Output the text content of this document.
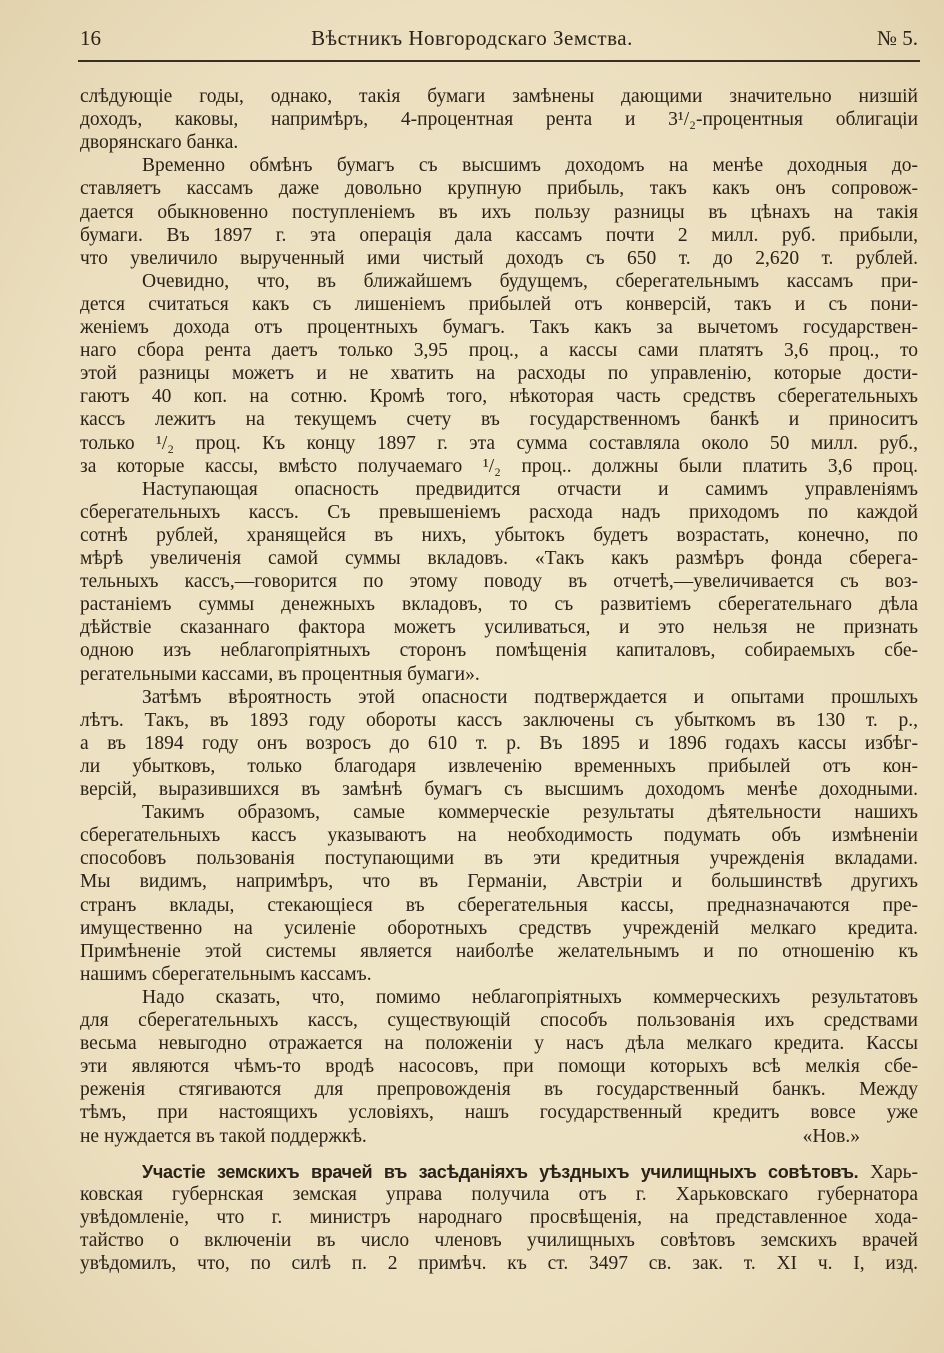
16	Вѣстникъ Новгородскаго Земства.	№ 5.
слѣдующіе годы, однако, такія бумаги замѣнены дающими значительно низшій
доходъ, каковы, напримѣръ, 4-процентная рента и 3¹/₂-процентныя облигаціи
дворянскаго банка.
Временно обмѣнъ бумагъ съ высшимъ доходомъ на менѣе доходныя до-
ставляетъ кассамъ даже довольно крупную прибыль, такъ какъ онъ сопровож-
дается обыкновенно поступленіемъ въ ихъ пользу разницы въ цѣнахъ на такія
бумаги. Въ 1897 г. эта операція дала кассамъ почти 2 милл. руб. прибыли,
что увеличило вырученный ими чистый доходъ съ 650 т. до 2,620 т. рублей.
Очевидно, что, въ ближайшемъ будущемъ, сберегательнымъ кассамъ при-
дется считаться какъ съ лишеніемъ прибылей отъ конверсій, такъ и съ пони-
женіемъ дохода отъ процентныхъ бумагъ. Такъ какъ за вычетомъ государствен-
наго сбора рента даетъ только 3,95 проц., а кассы сами платятъ 3,6 проц., то
этой разницы можетъ и не хватить на расходы по управленію, которые дости-
гаютъ 40 коп. на сотню. Кромѣ того, нѣкоторая часть средствъ сберегательныхъ
кассъ лежитъ на текущемъ счету въ государственномъ банкѣ и приноситъ
только ¹/₂ проц. Къ концу 1897 г. эта сумма составляла около 50 милл. руб.,
за которые кассы, вмѣсто получаемаго ¹/₂ проц.. должны были платить 3,6 проц.
Наступающая опасность предвидится отчасти и самимъ управленіямъ
сберегательныхъ кассъ. Съ превышеніемъ расхода надъ приходомъ по каждой
сотнѣ рублей, хранящейся въ нихъ, убытокъ будетъ возрастать, конечно, по
мѣрѣ увеличенія самой суммы вкладовъ. «Такъ какъ размѣръ фонда сберега-
тельныхъ кассъ,—говорится по этому поводу въ отчетѣ,—увеличивается съ воз-
растаніемъ суммы денежныхъ вкладовъ, то съ развитіемъ сберегательнаго дѣла
дѣйствіе сказаннаго фактора можетъ усиливаться, и это нельзя не признать
одною изъ неблагопріятныхъ сторонъ помѣщенія капиталовъ, собираемыхъ сбе-
регательными кассами, въ процентныя бумаги».
Затѣмъ вѣроятность этой опасности подтверждается и опытами прошлыхъ
лѣтъ. Такъ, въ 1893 году обороты кассъ заключены съ убыткомъ въ 130 т. р.,
а въ 1894 году онъ возросъ до 610 т. р. Въ 1895 и 1896 годахъ кассы избѣг-
ли убытковъ, только благодаря извлеченію временныхъ прибылей отъ кон-
версій, выразившихся въ замѣнѣ бумагъ съ высшимъ доходомъ менѣе доходными.
Такимъ образомъ, самые коммерческіе результаты дѣятельности нашихъ
сберегательныхъ кассъ указываютъ на необходимость подумать объ измѣненіи
способовъ пользованія поступающими въ эти кредитныя учрежденія вкладами.
Мы видимъ, напримѣръ, что въ Германіи, Австріи и большинствѣ другихъ
странъ вклады, стекающіеся въ сберегательныя кассы, предназначаются пре-
имущественно на усиленіе оборотныхъ средствъ учрежденій мелкаго кредита.
Примѣненіе этой системы является наиболѣе желательнымъ и по отношенію къ
нашимъ сберегательнымъ кассамъ.
Надо сказать, что, помимо неблагопріятныхъ коммерческихъ результатовъ
для сберегательныхъ кассъ, существующій способъ пользованія ихъ средствами
весьма невыгодно отражается на положеніи у насъ дѣла мелкаго кредита. Кассы
эти являются чѣмъ-то вродѣ насосовъ, при помощи которыхъ всѣ мелкія сбе-
реженія стягиваются для препровожденія въ государственный банкъ. Между
тѣмъ, при настоящихъ условіяхъ, нашъ государственный кредитъ вовсе уже
не нуждается въ такой поддержкѣ.	«Нов.»
Участіе земскихъ врачей въ засѣданіяхъ уѣздныхъ училищныхъ совѣтовъ. Харь-
ковская губернская земская управа получила отъ г. Харьковскаго губернатора
увѣдомленіе, что г. министръ народнаго просвѣщенія, на представленное хода-
тайство о включеніи въ число членовъ училищныхъ совѣтовъ земскихъ врачей
увѣдомилъ, что, по силѣ п. 2 примѣч. къ ст. 3497 св. зак. т. XI ч. I, изд.
